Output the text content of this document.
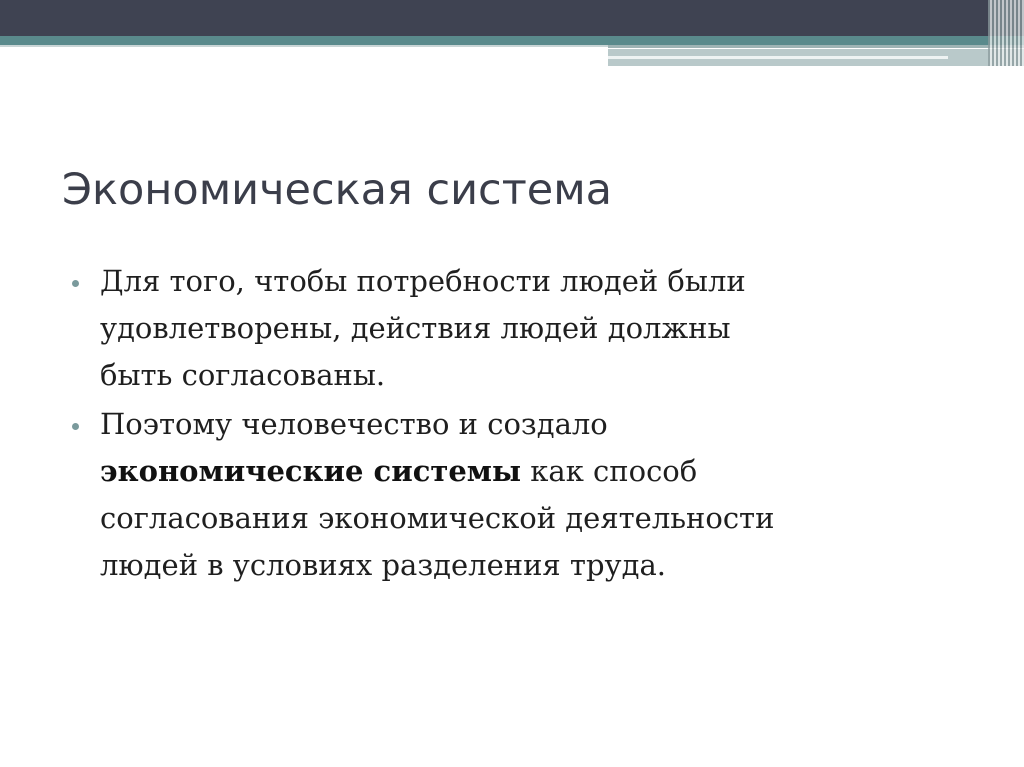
Экономическая система
Для того, чтобы потребности людей были
удовлетворены, действия людей должны
быть согласованы.
Поэтому человечество и создало
экономические системы как способ
согласования экономической деятельности
людей в условиях разделения труда.
